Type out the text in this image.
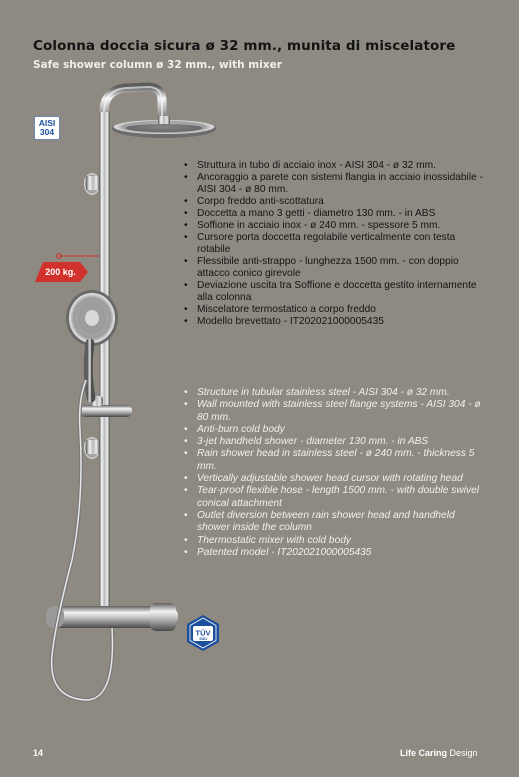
Colonna doccia sicura ø 32 mm., munita di miscelatore
Safe shower column ø 32 mm., with mixer
AISI
304
200 kg.
• Struttura in tubo di acciaio inox - AISI 304 - ø 32 mm.
• Ancoraggio a parete con sistemi flangia in acciaio inossidabile - AISI 304 - ø 80 mm.
• Corpo freddo anti-scottatura
• Doccetta a mano 3 getti - diametro 130 mm. - in ABS
• Soffione in acciaio inox - ø 240 mm. - spessore 5 mm.
• Cursore porta doccetta regolabile verticalmente con testa rotabile
• Flessibile anti-strappo - lunghezza 1500 mm. - con doppio attacco conico girevole
• Deviazione uscita tra Soffione e doccetta gestito internamente alla colonna
• Miscelatore termostatico a corpo freddo
• Modello brevettato - IT202021000005435
• Structure in tubular stainless steel - AISI 304 - ø 32 mm.
• Wall mounted with stainless steel flange systems - AISI 304 - ø 80 mm.
• Anti-burn cold body
• 3-jet handheld shower - diameter 130 mm. - in ABS
• Rain shower head in stainless steel - ø 240 mm. - thickness 5 mm.
• Vertically adjustable shower head cursor with rotating head
• Tear-proof flexible hose - length 1500 mm. - with double swivel conical attachment
• Outlet diversion between rain shower head and handheld shower inside the column
• Thermostatic mixer with cold body
• Patented model - IT202021000005435
TÜV
SÜD
14	Life Caring Design
